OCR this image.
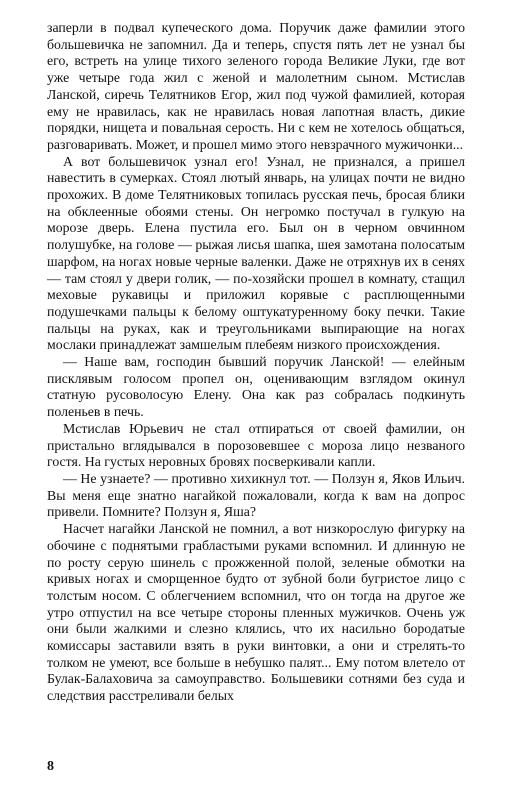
заперли в подвал купеческого дома. Поручик даже фамилии этого большевичка не запомнил. Да и теперь, спустя пять лет не узнал бы его, встреть на улице тихого зеленого города Великие Луки, где вот уже четыре года жил с женой и малолетним сыном. Мстислав Ланской, сиречь Телятников Егор, жил под чужой фамилией, которая ему не нравилась, как не нравилась новая лапотная власть, дикие порядки, нищета и повальная серость. Ни с кем не хотелось общаться, разговаривать. Может, и прошел мимо этого невзрачного мужичонки...

А вот большевичок узнал его! Узнал, не признался, а пришел навестить в сумерках. Стоял лютый январь, на улицах почти не видно прохожих. В доме Телятниковых топилась русская печь, бросая блики на обклеенные обоями стены. Он негромко постучал в гулкую на морозе дверь. Елена пустила его. Был он в черном овчинном полушубке, на голове — рыжая лисья шапка, шея замотана полосатым шарфом, на ногах новые черные валенки. Даже не отряхнув их в сенях — там стоял у двери голик, — по-хозяйски прошел в комнату, стащил меховые рукавицы и приложил корявые с расплющенными подушечками пальцы к белому оштукатуренному боку печки. Такие пальцы на руках, как и треугольниками выпирающие на ногах мослаки принадлежат замшелым плебеям низкого происхождения.

— Наше вам, господин бывший поручик Ланской! — елейным писклявым голосом пропел он, оценивающим взглядом окинул статную русоволосую Елену. Она как раз собралась подкинуть поленьев в печь.

Мстислав Юрьевич не стал отпираться от своей фамилии, он пристально вглядывался в порозовевшее с мороза лицо незваного гостя. На густых неровных бровях посверкивали капли.

— Не узнаете? — противно хихикнул тот. — Ползун я, Яков Ильич. Вы меня еще знатно нагайкой пожаловали, когда к вам на допрос привели. Помните? Ползун я, Яша?

Насчет нагайки Ланской не помнил, а вот низкорослую фигурку на обочине с поднятыми грабластыми руками вспомнил. И длинную не по росту серую шинель с прожженной полой, зеленые обмотки на кривых ногах и сморщенное будто от зубной боли бугристое лицо с толстым носом. С облегчением вспомнил, что он тогда на другое же утро отпустил на все четыре стороны пленных мужичков. Очень уж они были жалкими и слезно клялись, что их насильно бородатые комиссары заставили взять в руки винтовки, а они и стрелять-то толком не умеют, все больше в небушко палят... Ему потом влетело от Булак-Балаховича за самоуправство. Большевики сотнями без суда и следствия расстреливали белых

8
